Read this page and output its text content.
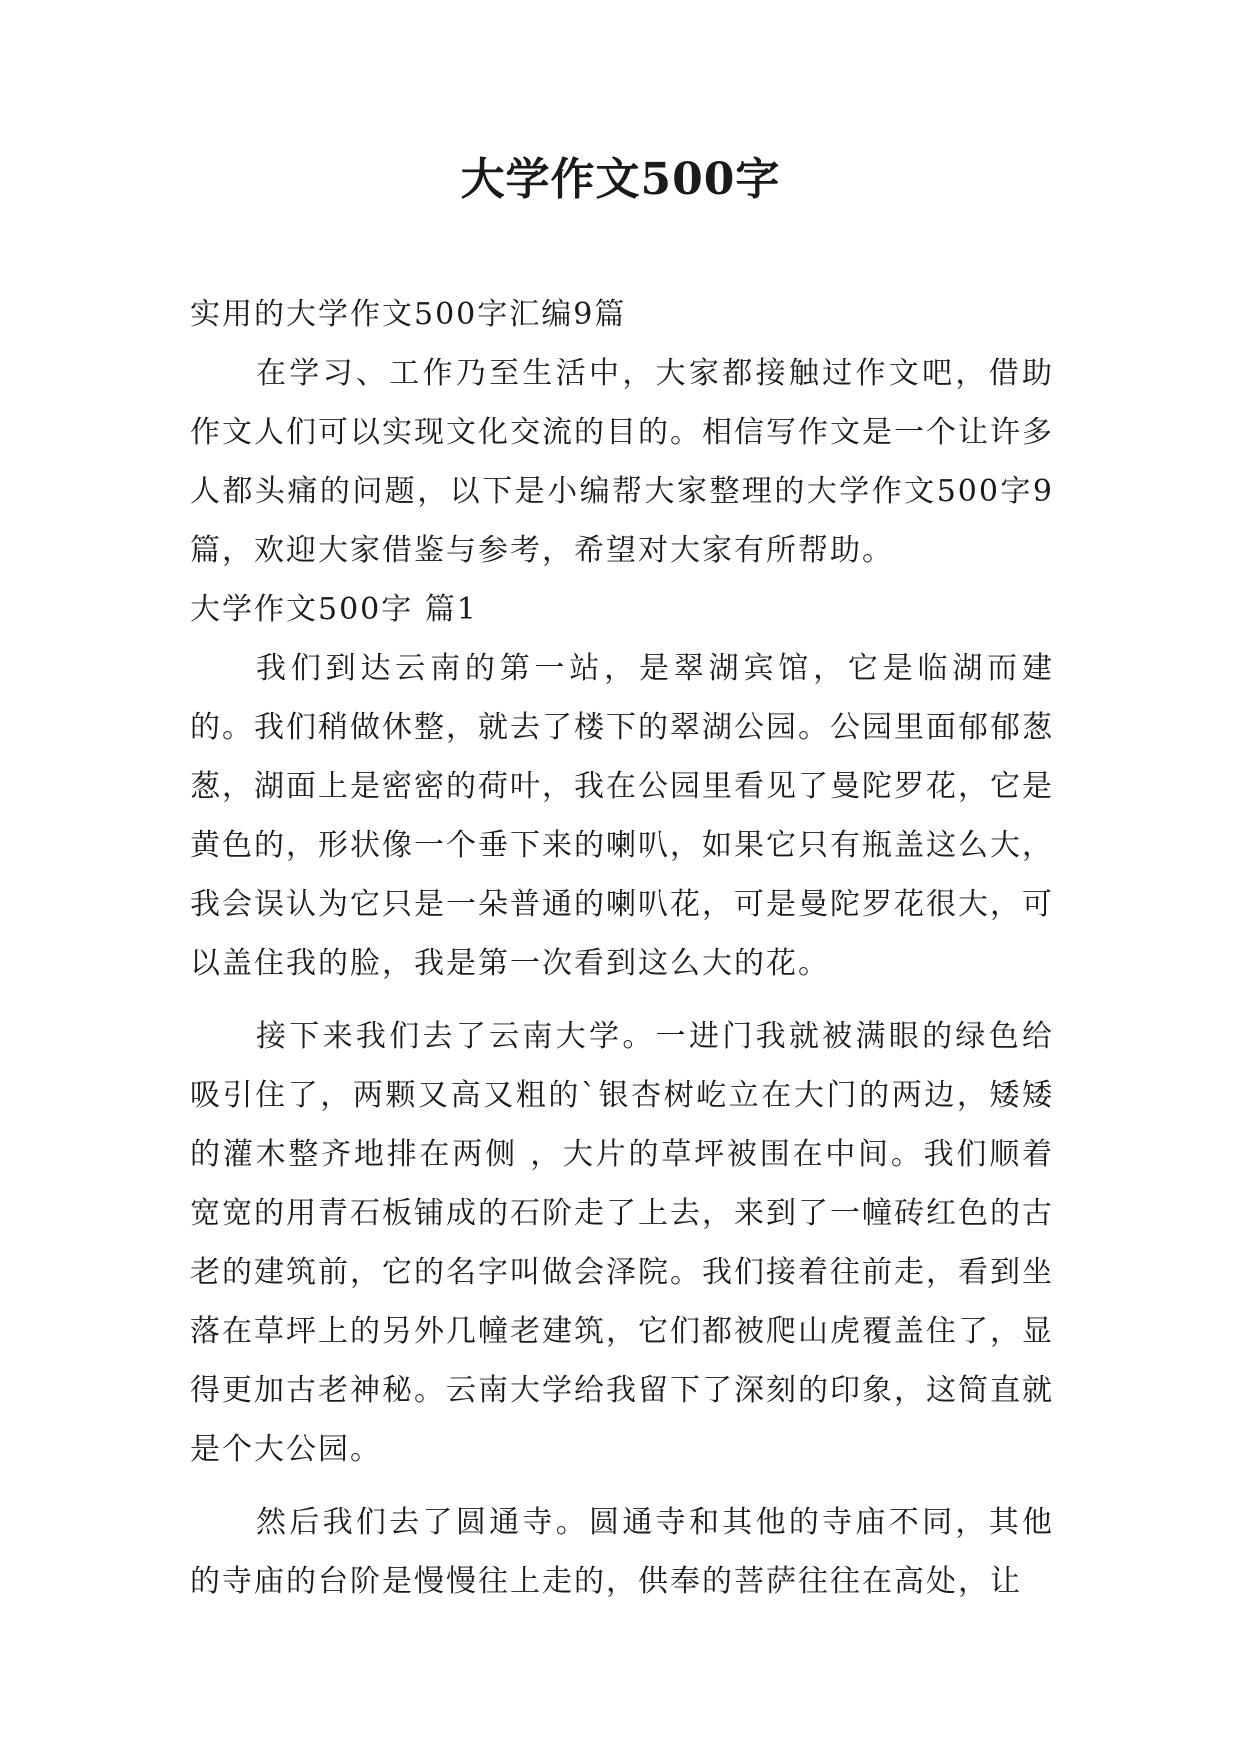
大学作文500字

实用的大学作文500字汇编9篇

在学习、工作乃至生活中，大家都接触过作文吧，借助作文人们可以实现文化交流的目的。相信写作文是一个让许多人都头痛的问题，以下是小编帮大家整理的大学作文500字9篇，欢迎大家借鉴与参考，希望对大家有所帮助。

大学作文500字 篇1

我们到达云南的第一站，是翠湖宾馆，它是临湖而建的。我们稍做休整，就去了楼下的翠湖公园。公园里面郁郁葱葱，湖面上是密密的荷叶，我在公园里看见了曼陀罗花，它是黄色的，形状像一个垂下来的喇叭，如果它只有瓶盖这么大，我会误认为它只是一朵普通的喇叭花，可是曼陀罗花很大，可以盖住我的脸，我是第一次看到这么大的花。

接下来我们去了云南大学。一进门我就被满眼的绿色给吸引住了，两颗又高又粗的`银杏树屹立在大门的两边，矮矮的灌木整齐地排在两侧 ，大片的草坪被围在中间。我们顺着宽宽的用青石板铺成的石阶走了上去，来到了一幢砖红色的古老的建筑前，它的名字叫做会泽院。我们接着往前走，看到坐落在草坪上的另外几幢老建筑，它们都被爬山虎覆盖住了，显得更加古老神秘。云南大学给我留下了深刻的印象，这简直就是个大公园。

然后我们去了圆通寺。圆通寺和其他的寺庙不同，其他的寺庙的台阶是慢慢往上走的，供奉的菩萨往往在高处，让
